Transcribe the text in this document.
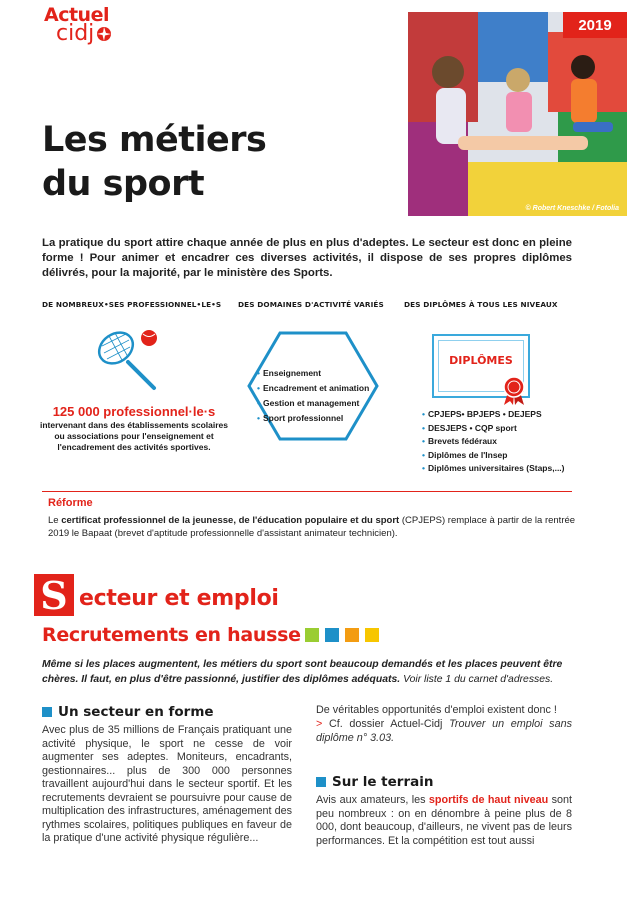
Actuel
cidj	2019
© Robert Kneschke / Fotolia
Les métiers
du sport

La pratique du sport attire chaque année de plus en plus d'adeptes. Le secteur est donc en pleine forme ! Pour animer et encadrer ces diverses activités, il dispose de ses propres diplômes délivrés, pour la majorité, par le ministère des Sports.

DE NOMBREUX•SES PROFESSIONNEL•LE•S DES DOMAINES D'ACTIVITÉ VARIÉS	DES DIPLÔMES À TOUS LES NIVEAUX
125 000 professionnel·le·s
intervenant dans des établissements scolaires ou associations pour l'enseignement et l'encadrement des activités sportives.
• Enseignement
• Encadrement et animation
• Gestion et management
• Sport professionnel
DIPLÔMES
• CPJEPS• BPJEPS • DEJEPS
• DESJEPS • CQP sport
• Brevets fédéraux
• Diplômes de l'Insep
• Diplômes universitaires (Staps,...)
Réforme

Le certificat professionnel de la jeunesse, de l'éducation populaire et du sport (CPJEPS) remplace à partir de la rentrée 2019 le Bapaat (brevet d'aptitude professionnelle d'assistant animateur technicien).

S ecteur et emploi
Recrutements en hausse

Même si les places augmentent, les métiers du sport sont beaucoup demandés et les places peuvent être chères. Il faut, en plus d'être passionné, justifier des diplômes adéquats. Voir liste 1 du carnet d'adresses.

Un secteur en forme

Avec plus de 35 millions de Français pratiquant une activité physique, le sport ne cesse de voir augmenter ses adeptes. Moniteurs, encadrants, gestionnaires... plus de 300 000 personnes travaillent aujourd'hui dans le secteur sportif. Et les recrutements devraient se poursuivre pour cause de multiplication des infrastructures, aménagement des rythmes scolaires, politiques publiques en faveur de la pratique d'une activité physique régulière...

De véritables opportunités d'emploi existent donc !

> Cf. dossier Actuel-Cidj Trouver un emploi sans diplôme n° 3.03.

Sur le terrain

Avis aux amateurs, les sportifs de haut niveau sont peu nombreux : on en dénombre à peine plus de 8 000, dont beaucoup, d'ailleurs, ne vivent pas de leurs performances. Et la compétition est tout aussi
